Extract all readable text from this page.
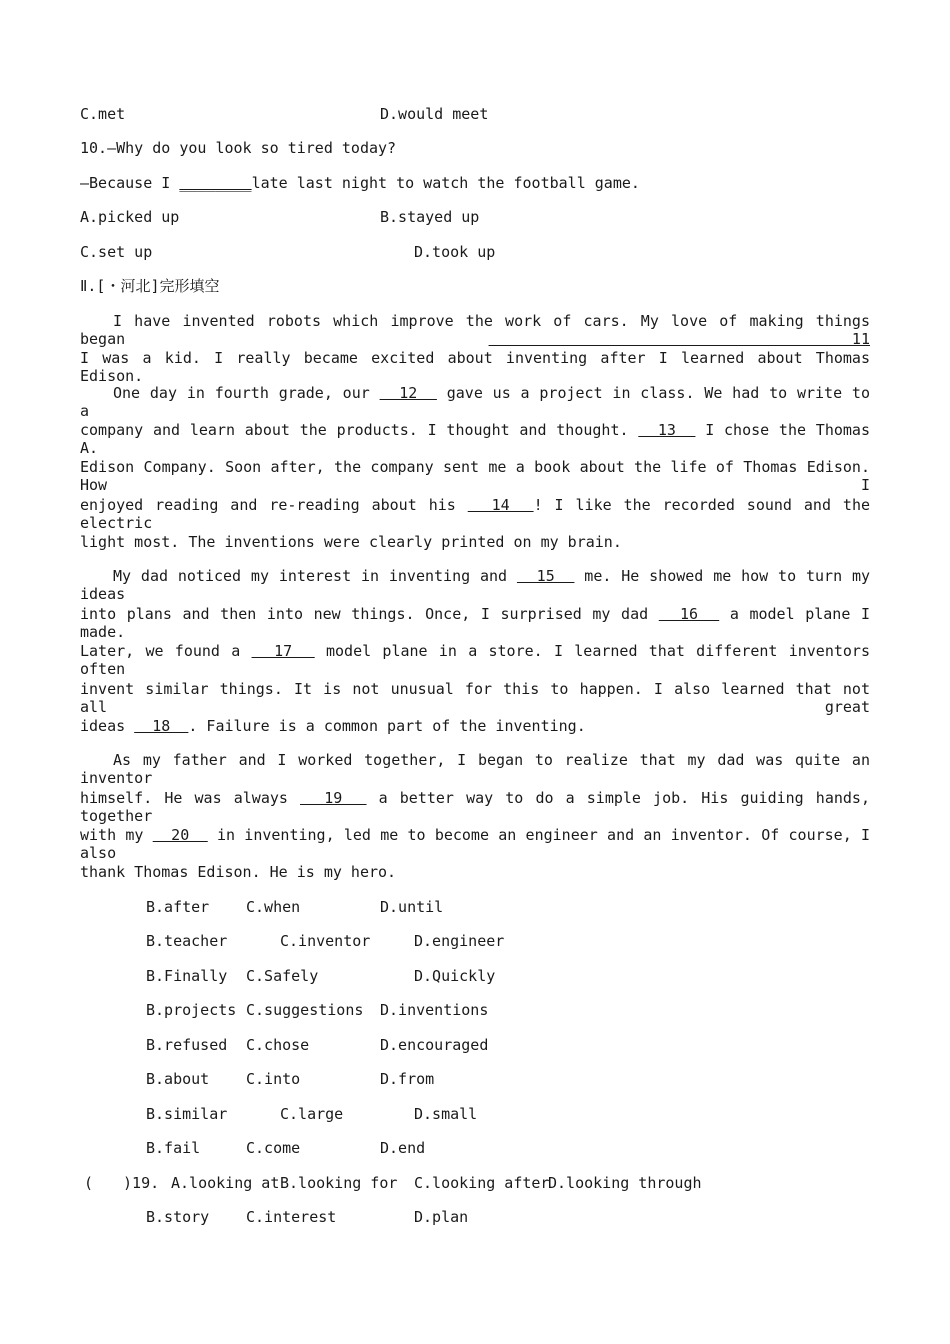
C.met	D.would meet
10.—Why do you look so tired today?
—Because I ________late last night to watch the football game.
A.picked up	B.stayed up
C.set up	D.took up
Ⅱ.[・河北]完形填空
I have invented robots which improve the work of cars. My love of making things began  11
I was a kid. I really became excited about inventing after I learned about Thomas Edison.
One day in fourth grade, our   12   gave us a project in class. We had to write to a
company and learn about the products. I thought and thought.   13   I chose the Thomas A.
Edison Company. Soon after, the company sent me a book about the life of Thomas Edison. How I
enjoyed reading and re-reading about his   14  ! I like the recorded sound and the electric
light most. The inventions were clearly printed on my brain.
My dad noticed my interest in inventing and   15   me. He showed me how to turn my ideas
into plans and then into new things. Once, I surprised my dad   16   a model plane I made.
Later, we found a   17   model plane in a store. I learned that different inventors often
invent similar things. It is not unusual for this to happen. I also learned that not all great
ideas   18  . Failure is a common part of the inventing.
As my father and I worked together, I began to realize that my dad was quite an inventor
himself. He was always   19   a better way to do a simple job. His guiding hands, together
with my   20   in inventing, led me to become an engineer and an inventor. Of course, I also
thank Thomas Edison. He is my hero.
B.after C.when	D.until
B.teacher	C.inventor	D.engineer
B.Finally C.Safely	D.Quickly
B.projects C.suggestions D.inventions
B.refused C.chose	D.encouraged
B.about C.into	D.from
B.similar	C.large	D.small
B.fail	C.come	D.end
(　　)19. A.looking at B.looking for C.looking after
D.looking through
B.story C.interest	D.plan
